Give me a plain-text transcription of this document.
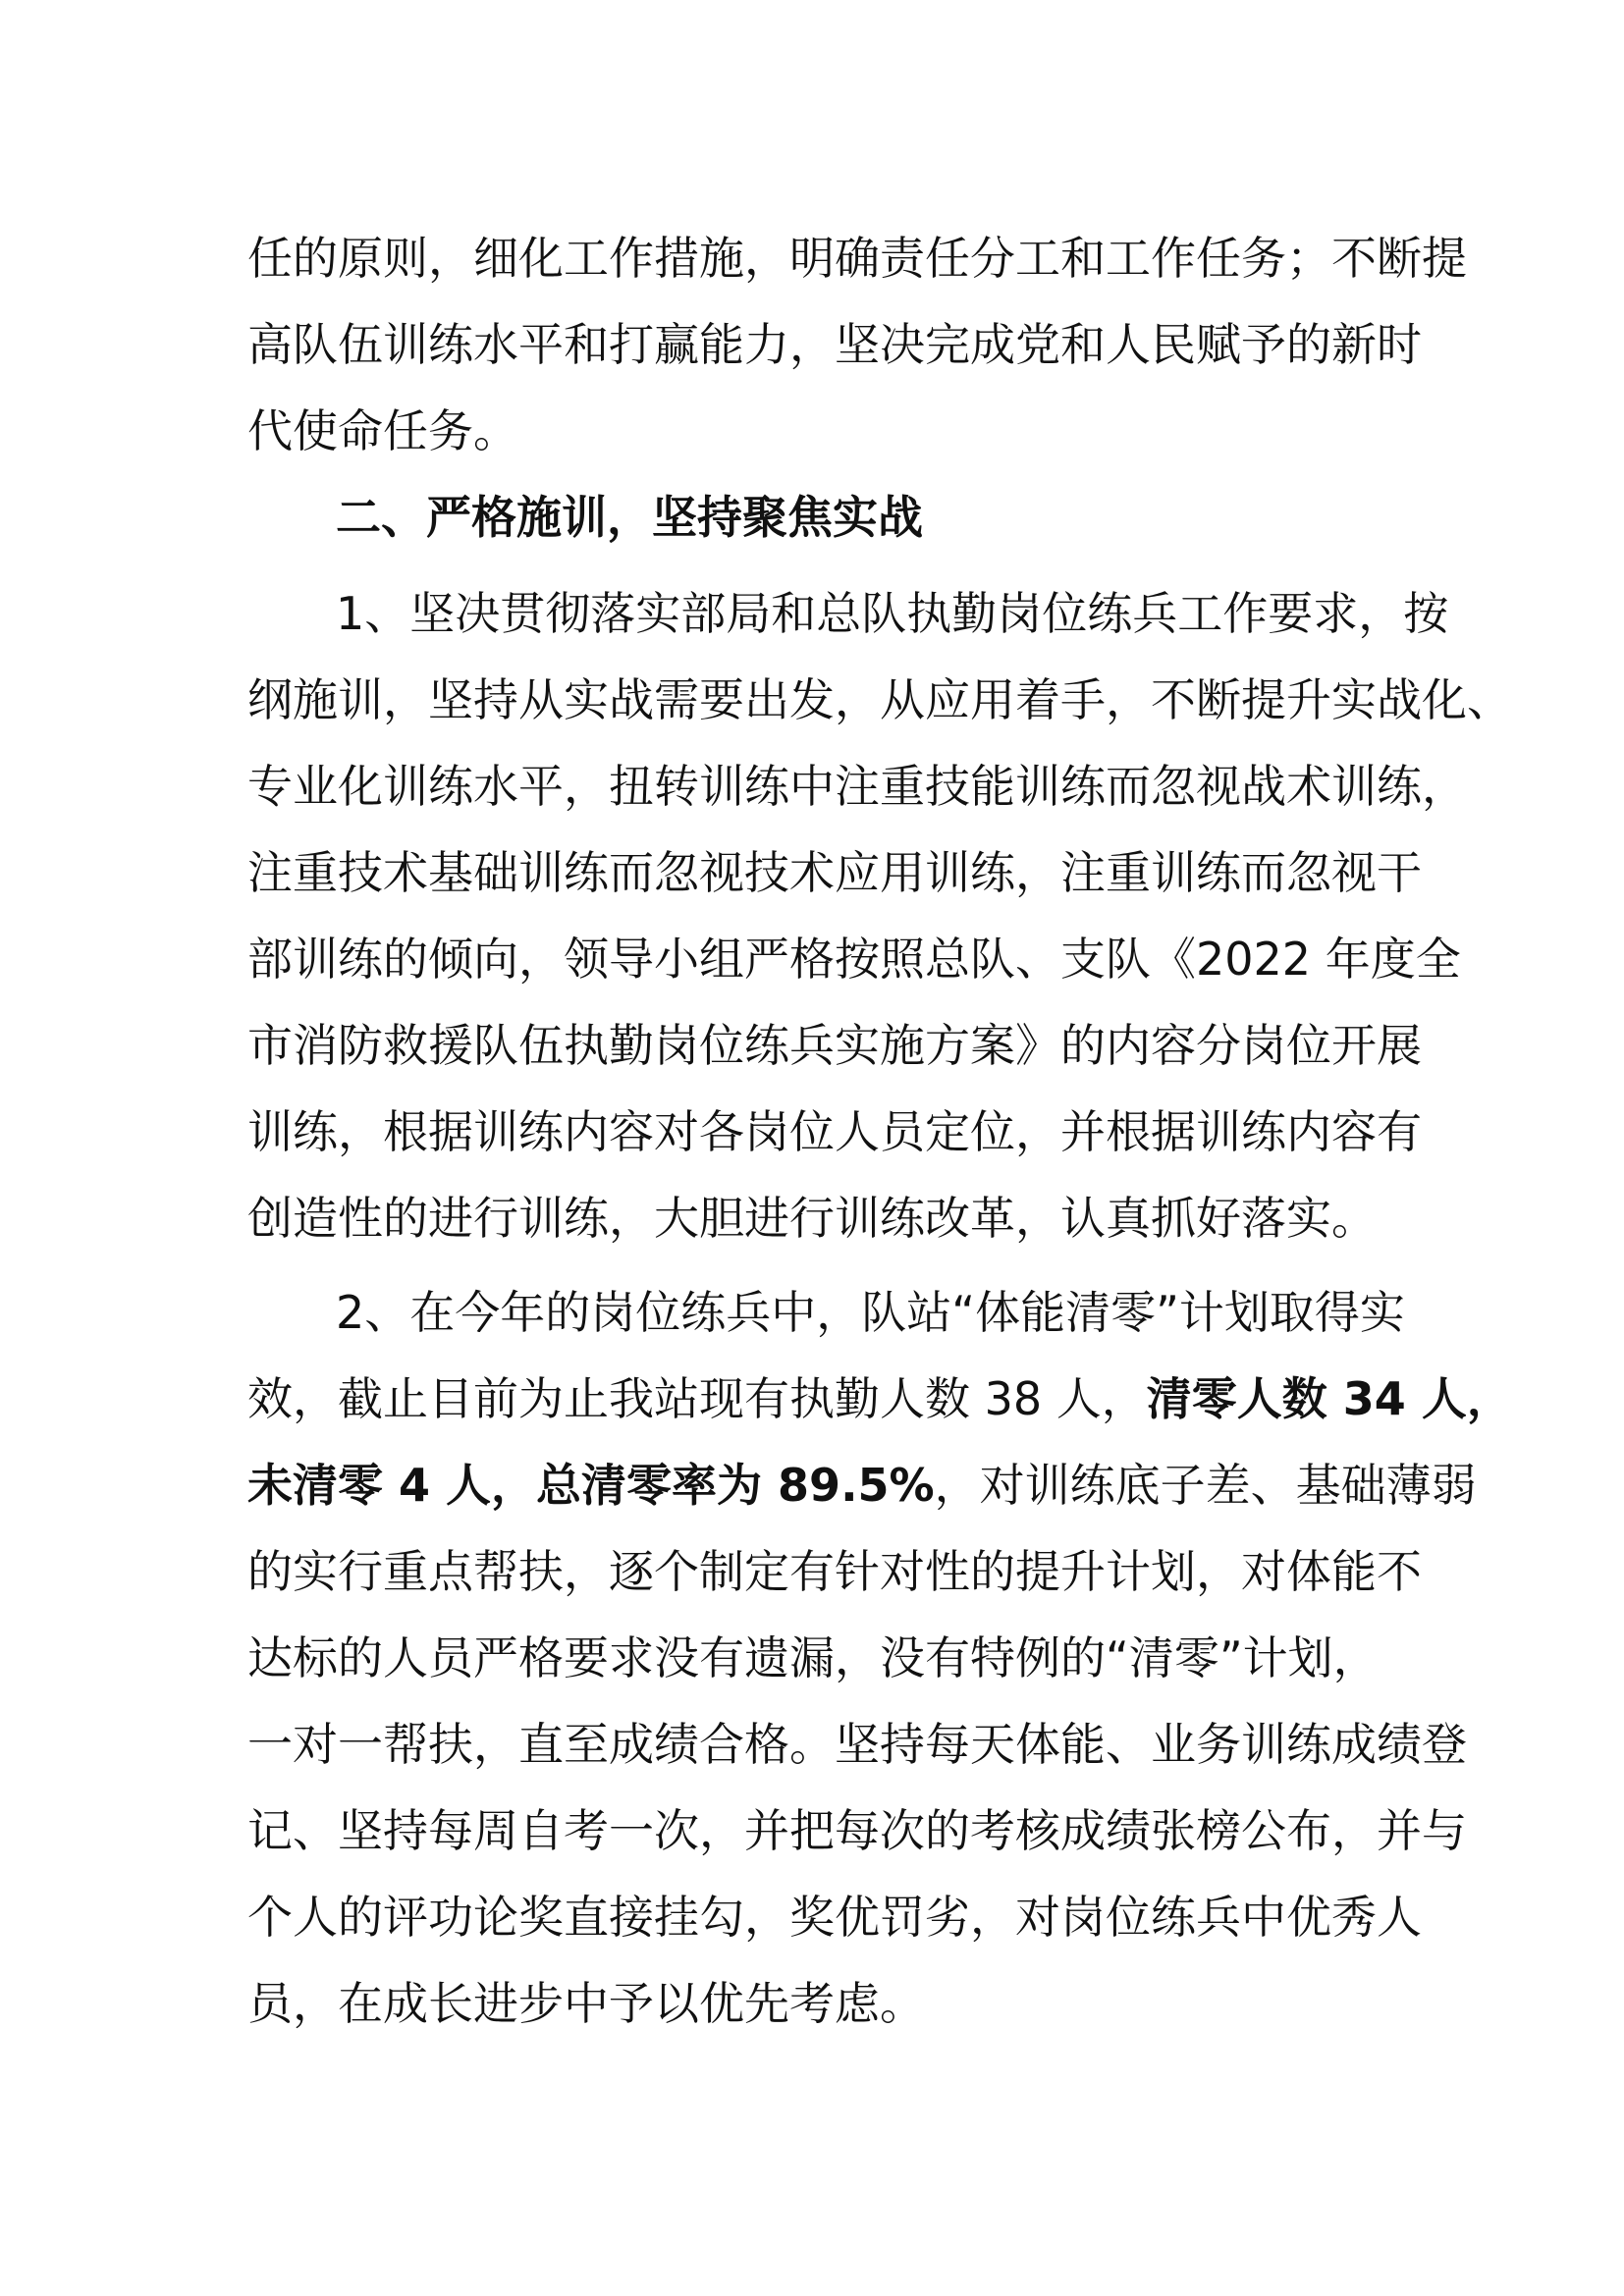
任的原则，细化工作措施，明确责任分工和工作任务；不断提
高队伍训练水平和打赢能力，坚决完成党和人民赋予的新时
代使命任务。
二、严格施训，坚持聚焦实战
1、坚决贯彻落实部局和总队执勤岗位练兵工作要求，按
纲施训，坚持从实战需要出发，从应用着手，不断提升实战化、
专业化训练水平，扭转训练中注重技能训练而忽视战术训练，
注重技术基础训练而忽视技术应用训练，注重训练而忽视干
部训练的倾向，领导小组严格按照总队、支队《2022 年度全
市消防救援队伍执勤岗位练兵实施方案》的内容分岗位开展
训练，根据训练内容对各岗位人员定位，并根据训练内容有
创造性的进行训练，大胆进行训练改革，认真抓好落实。
2、在今年的岗位练兵中，队站“体能清零”计划取得实
效，截止目前为止我站现有执勤人数 38 人，清零人数 34 人，
未清零 4 人，总清零率为 89.5%，对训练底子差、基础薄弱
的实行重点帮扶，逐个制定有针对性的提升计划，对体能不
达标的人员严格要求没有遗漏，没有特例的“清零”计划，
一对一帮扶，直至成绩合格。坚持每天体能、业务训练成绩登
记、坚持每周自考一次，并把每次的考核成绩张榜公布，并与
个人的评功论奖直接挂勾，奖优罚劣，对岗位练兵中优秀人
员，在成长进步中予以优先考虑。
